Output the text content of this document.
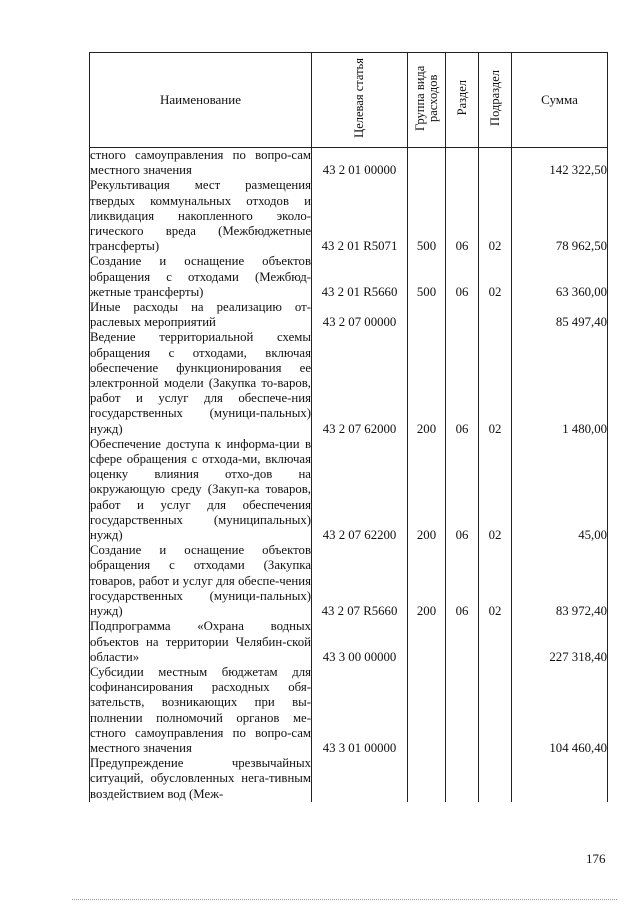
Наименование	Целевая статья	Группа вида расходов	Раздел	Подраздел	Сумма
стного самоуправления по вопро-сам местного значения	43 2 01 00000				142 322,50
Рекультивация мест размещения твердых коммунальных отходов и ликвидация накопленного эколо-гического вреда (Межбюджетные трансферты)	43 2 01 R5071	500	06	02	78 962,50
Создание и оснащение объектов обращения с отходами (Межбюд-жетные трансферты)	43 2 01 R5660	500	06	02	63 360,00
Иные расходы на реализацию от-раслевых мероприятий	43 2 07 00000				85 497,40
Ведение территориальной схемы обращения с отходами, включая обеспечение функционирования ее электронной модели (Закупка то-варов, работ и услуг для обеспече-ния государственных (муници-пальных) нужд)	43 2 07 62000	200	06	02	1 480,00
Обеспечение доступа к информа-ции в сфере обращения с отхода-ми, включая оценку влияния отхо-дов на окружающую среду (Закуп-ка товаров, работ и услуг для обеспечения государственных (муниципальных) нужд)	43 2 07 62200	200	06	02	45,00
Создание и оснащение объектов обращения с отходами (Закупка товаров, работ и услуг для обеспе-чения государственных (муници-пальных) нужд)	43 2 07 R5660	200	06	02	83 972,40
Подпрограмма «Охрана водных объектов на территории Челябин-ской области»	43 3 00 00000				227 318,40
Субсидии местным бюджетам для софинансирования расходных обя-зательств, возникающих при вы-полнении полномочий органов ме-стного самоуправления по вопро-сам местного значения	43 3 01 00000				104 460,40
Предупреждение чрезвычайных ситуаций, обусловленных нега-тивным воздействием вод (Меж-					
176
